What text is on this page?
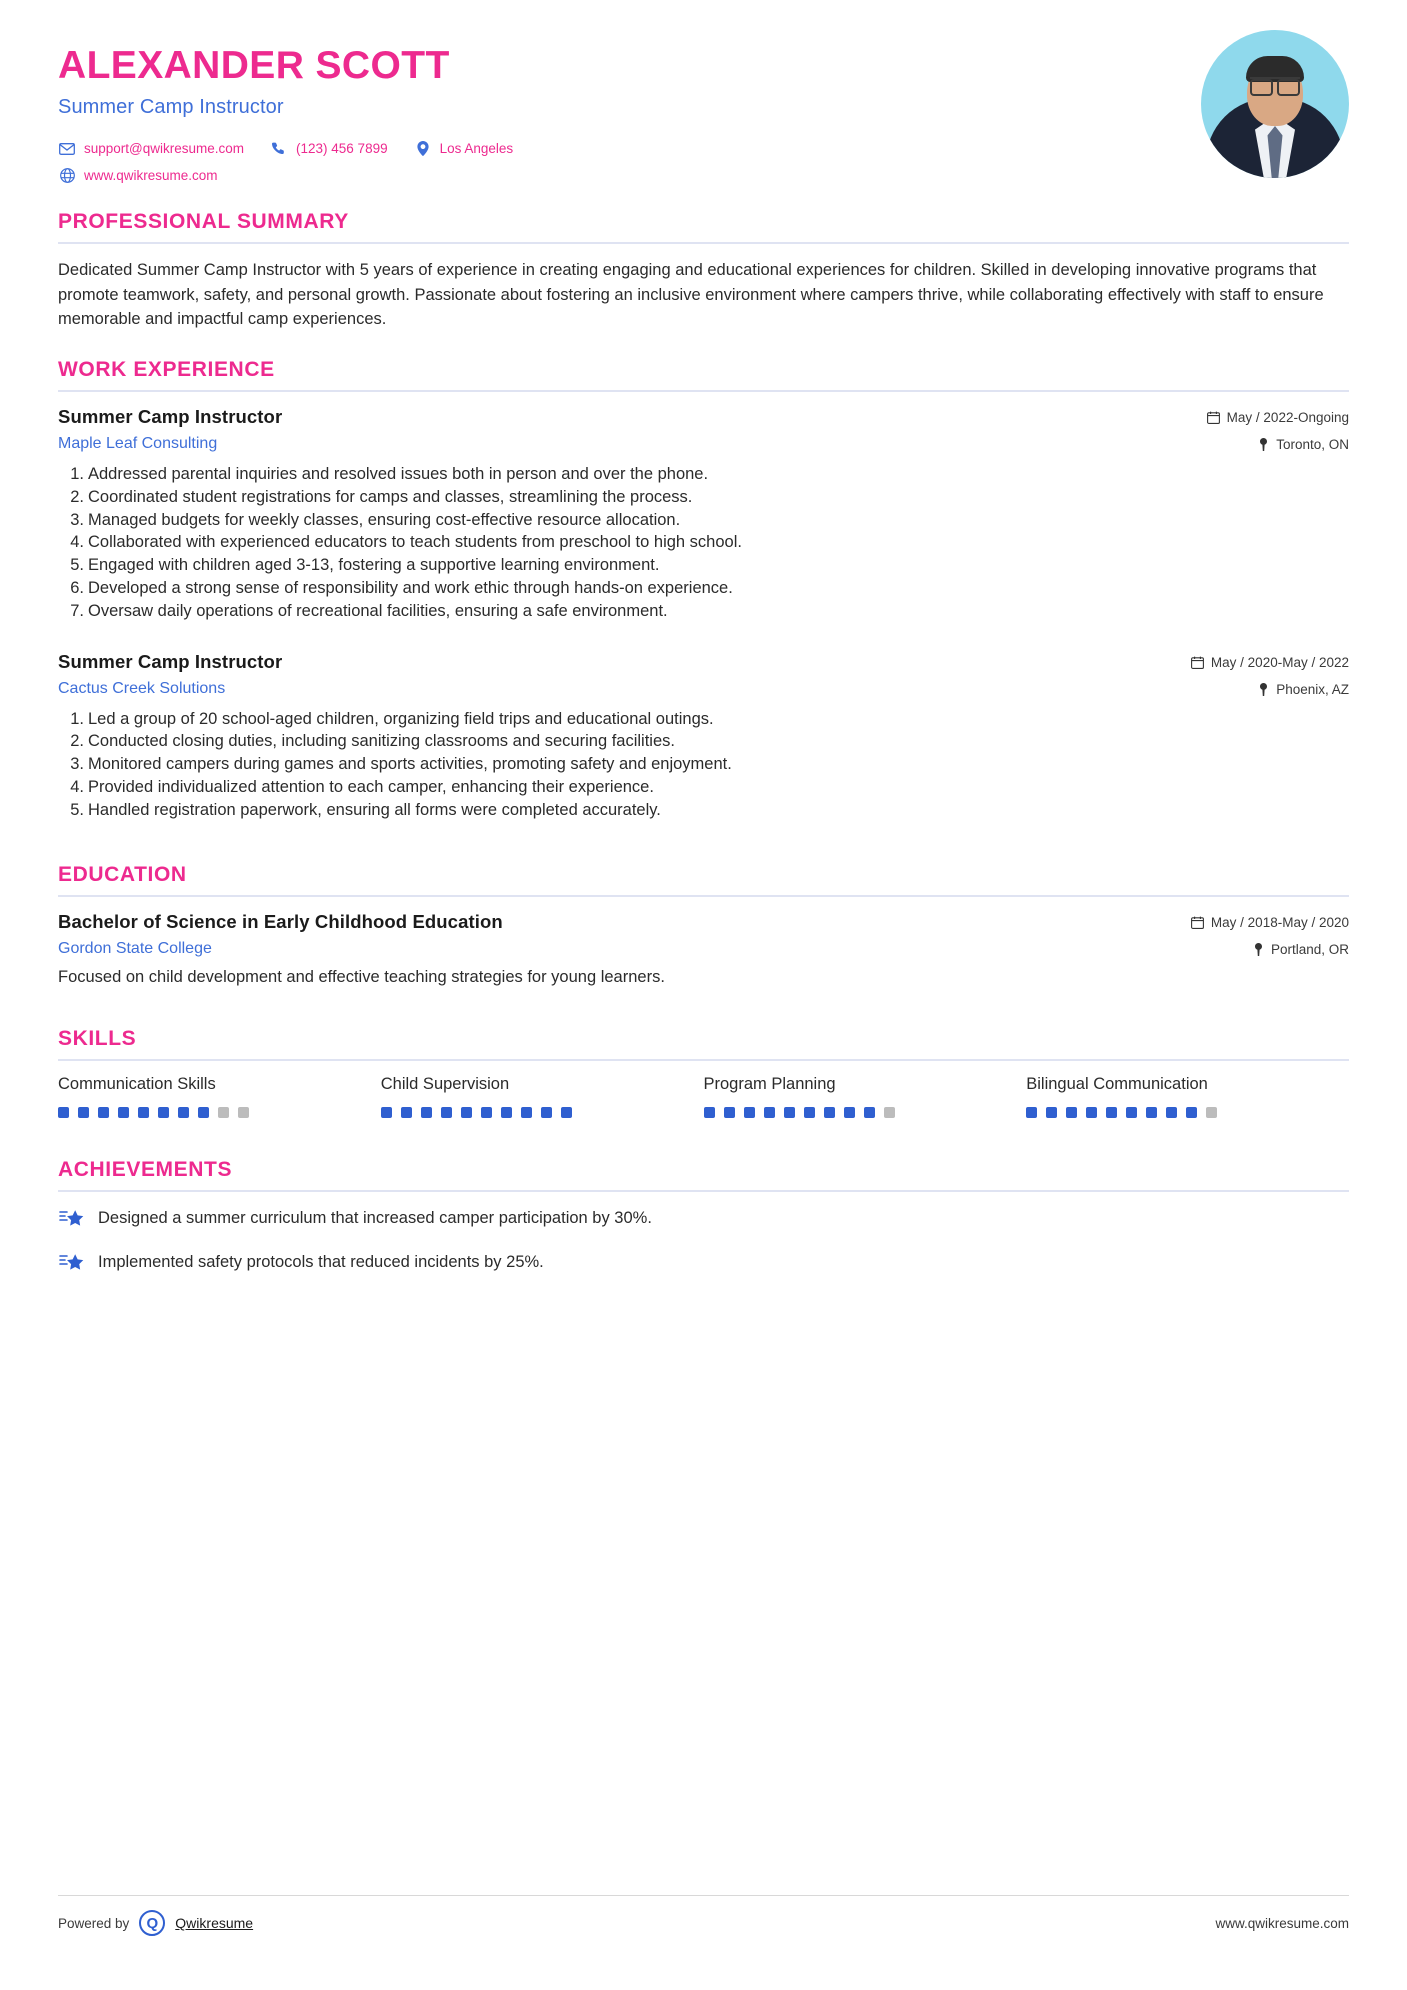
ALEXANDER SCOTT
Summer Camp Instructor
support@qwikresume.com	(123) 456 7899	Los Angeles
www.qwikresume.com
PROFESSIONAL SUMMARY
Dedicated Summer Camp Instructor with 5 years of experience in creating engaging and educational experiences for children. Skilled in developing innovative programs that promote teamwork, safety, and personal growth. Passionate about fostering an inclusive environment where campers thrive, while collaborating effectively with staff to ensure memorable and impactful camp experiences.
WORK EXPERIENCE
Summer Camp Instructor
Maple Leaf Consulting
May / 2022-Ongoing
Toronto, ON
Addressed parental inquiries and resolved issues both in person and over the phone.
Coordinated student registrations for camps and classes, streamlining the process.
Managed budgets for weekly classes, ensuring cost-effective resource allocation.
Collaborated with experienced educators to teach students from preschool to high school.
Engaged with children aged 3-13, fostering a supportive learning environment.
Developed a strong sense of responsibility and work ethic through hands-on experience.
Oversaw daily operations of recreational facilities, ensuring a safe environment.
Summer Camp Instructor
Cactus Creek Solutions
May / 2020-May / 2022
Phoenix, AZ
Led a group of 20 school-aged children, organizing field trips and educational outings.
Conducted closing duties, including sanitizing classrooms and securing facilities.
Monitored campers during games and sports activities, promoting safety and enjoyment.
Provided individualized attention to each camper, enhancing their experience.
Handled registration paperwork, ensuring all forms were completed accurately.
EDUCATION
Bachelor of Science in Early Childhood Education
Gordon State College
May / 2018-May / 2020
Portland, OR
Focused on child development and effective teaching strategies for young learners.
SKILLS
Communication Skills	Child Supervision	Program Planning	Bilingual Communication
ACHIEVEMENTS
Designed a summer curriculum that increased camper participation by 30%.
Implemented safety protocols that reduced incidents by 25%.
Powered by	Q	Qwikresume	www.qwikresume.com
